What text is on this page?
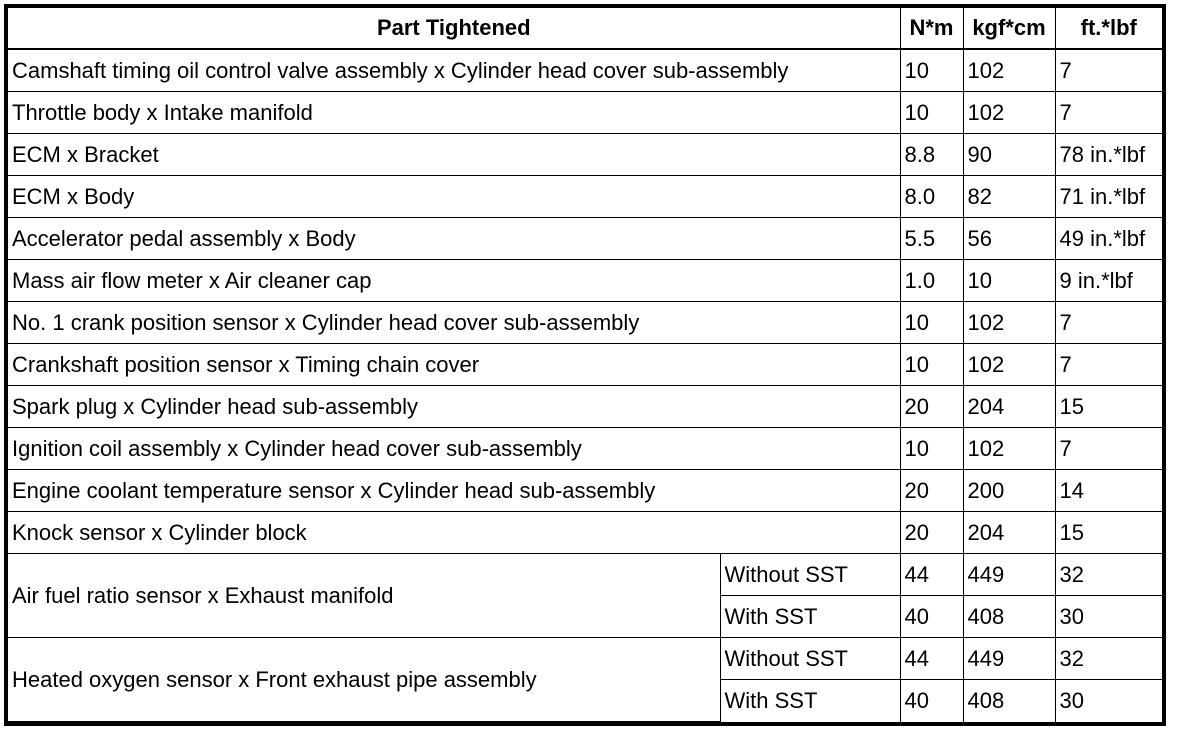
Part Tightened		N*m	kgf*cm	ft.*lbf
Camshaft timing oil control valve assembly x Cylinder head cover sub-assembly		10	102	7
Throttle body x Intake manifold		10	102	7
ECM x Bracket		8.8	90	78 in.*lbf
ECM x Body		8.0	82	71 in.*lbf
Accelerator pedal assembly x Body		5.5	56	49 in.*lbf
Mass air flow meter x Air cleaner cap		1.0	10	9 in.*lbf
No. 1 crank position sensor x Cylinder head cover sub-assembly		10	102	7
Crankshaft position sensor x Timing chain cover		10	102	7
Spark plug x Cylinder head sub-assembly		20	204	15
Ignition coil assembly x Cylinder head cover sub-assembly		10	102	7
Engine coolant temperature sensor x Cylinder head sub-assembly		20	200	14
Knock sensor x Cylinder block		20	204	15
Air fuel ratio sensor x Exhaust manifold	Without SST	44	449	32
	With SST	40	408	30
Heated oxygen sensor x Front exhaust pipe assembly	Without SST	44	449	32
	With SST	40	408	30
